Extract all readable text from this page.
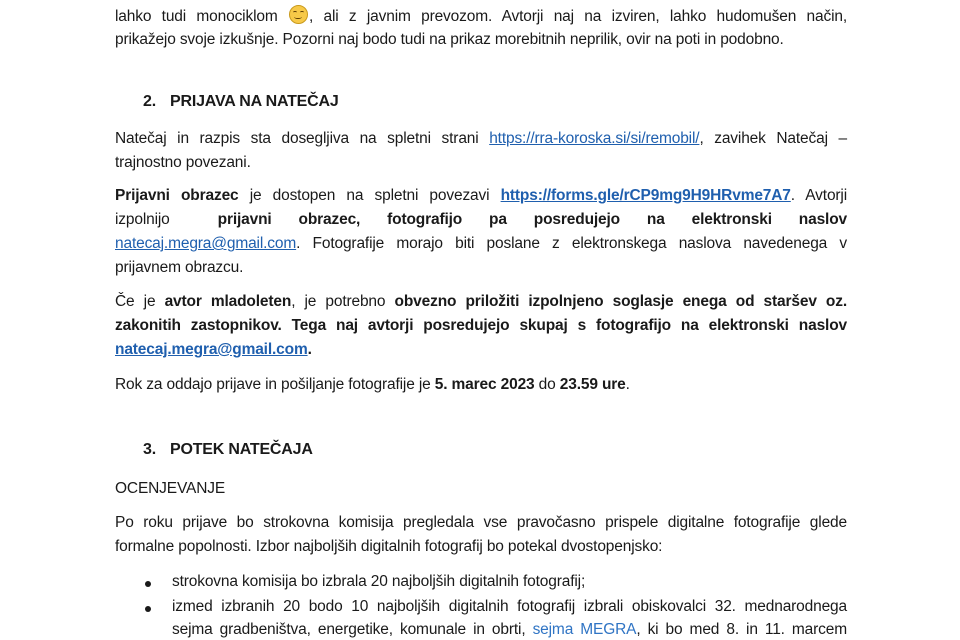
lahko tudi monociklom
, ali z javnim prevozom. Avtorji naj na izviren, lahko hudomušen način,
prikažejo svoje izkušnje. Pozorni naj bodo tudi na prikaz morebitnih neprilik, ovir na poti in podobno.
2. PRIJAVA NA NATEČAJ
Natečaj in razpis sta dosegljiva na spletni strani https://rra-koroska.si/si/remobil/, zavihek Natečaj –
trajnostno povezani.
Prijavni obrazec je dostopen na spletni povezavi https://forms.gle/rCP9mg9H9HRvme7A7. Avtorji
izpolnijo	prijavni obrazec, fotografijo pa posredujejo na elektronski naslov
natecaj.megra@gmail.com. Fotografije morajo biti poslane z elektronskega naslova navedenega v
prijavnem obrazcu.
Če je avtor mladoleten, je potrebno obvezno priložiti izpolnjeno soglasje enega od staršev oz.
zakonitih zastopnikov. Tega naj avtorji posredujejo skupaj s fotografijo na elektronski naslov
natecaj.megra@gmail.com.
Rok za oddajo prijave in pošiljanje fotografije je 5. marec 2023 do 23.59 ure.
3. POTEK NATEČAJA
OCENJEVANJE
Po roku prijave bo strokovna komisija pregledala vse pravočasno prispele digitalne fotografije glede
formalne popolnosti. Izbor najboljših digitalnih fotografij bo potekal dvostopenjsko:
strokovna komisija bo izbrala 20 najboljših digitalnih fotografij;
izmed izbranih 20 bodo 10 najboljših digitalnih fotografij izbrali obiskovalci 32. mednarodnega
sejma gradbeništva, energetike, komunale in obrti, sejma MEGRA, ki bo med 8. in 11. marcem
